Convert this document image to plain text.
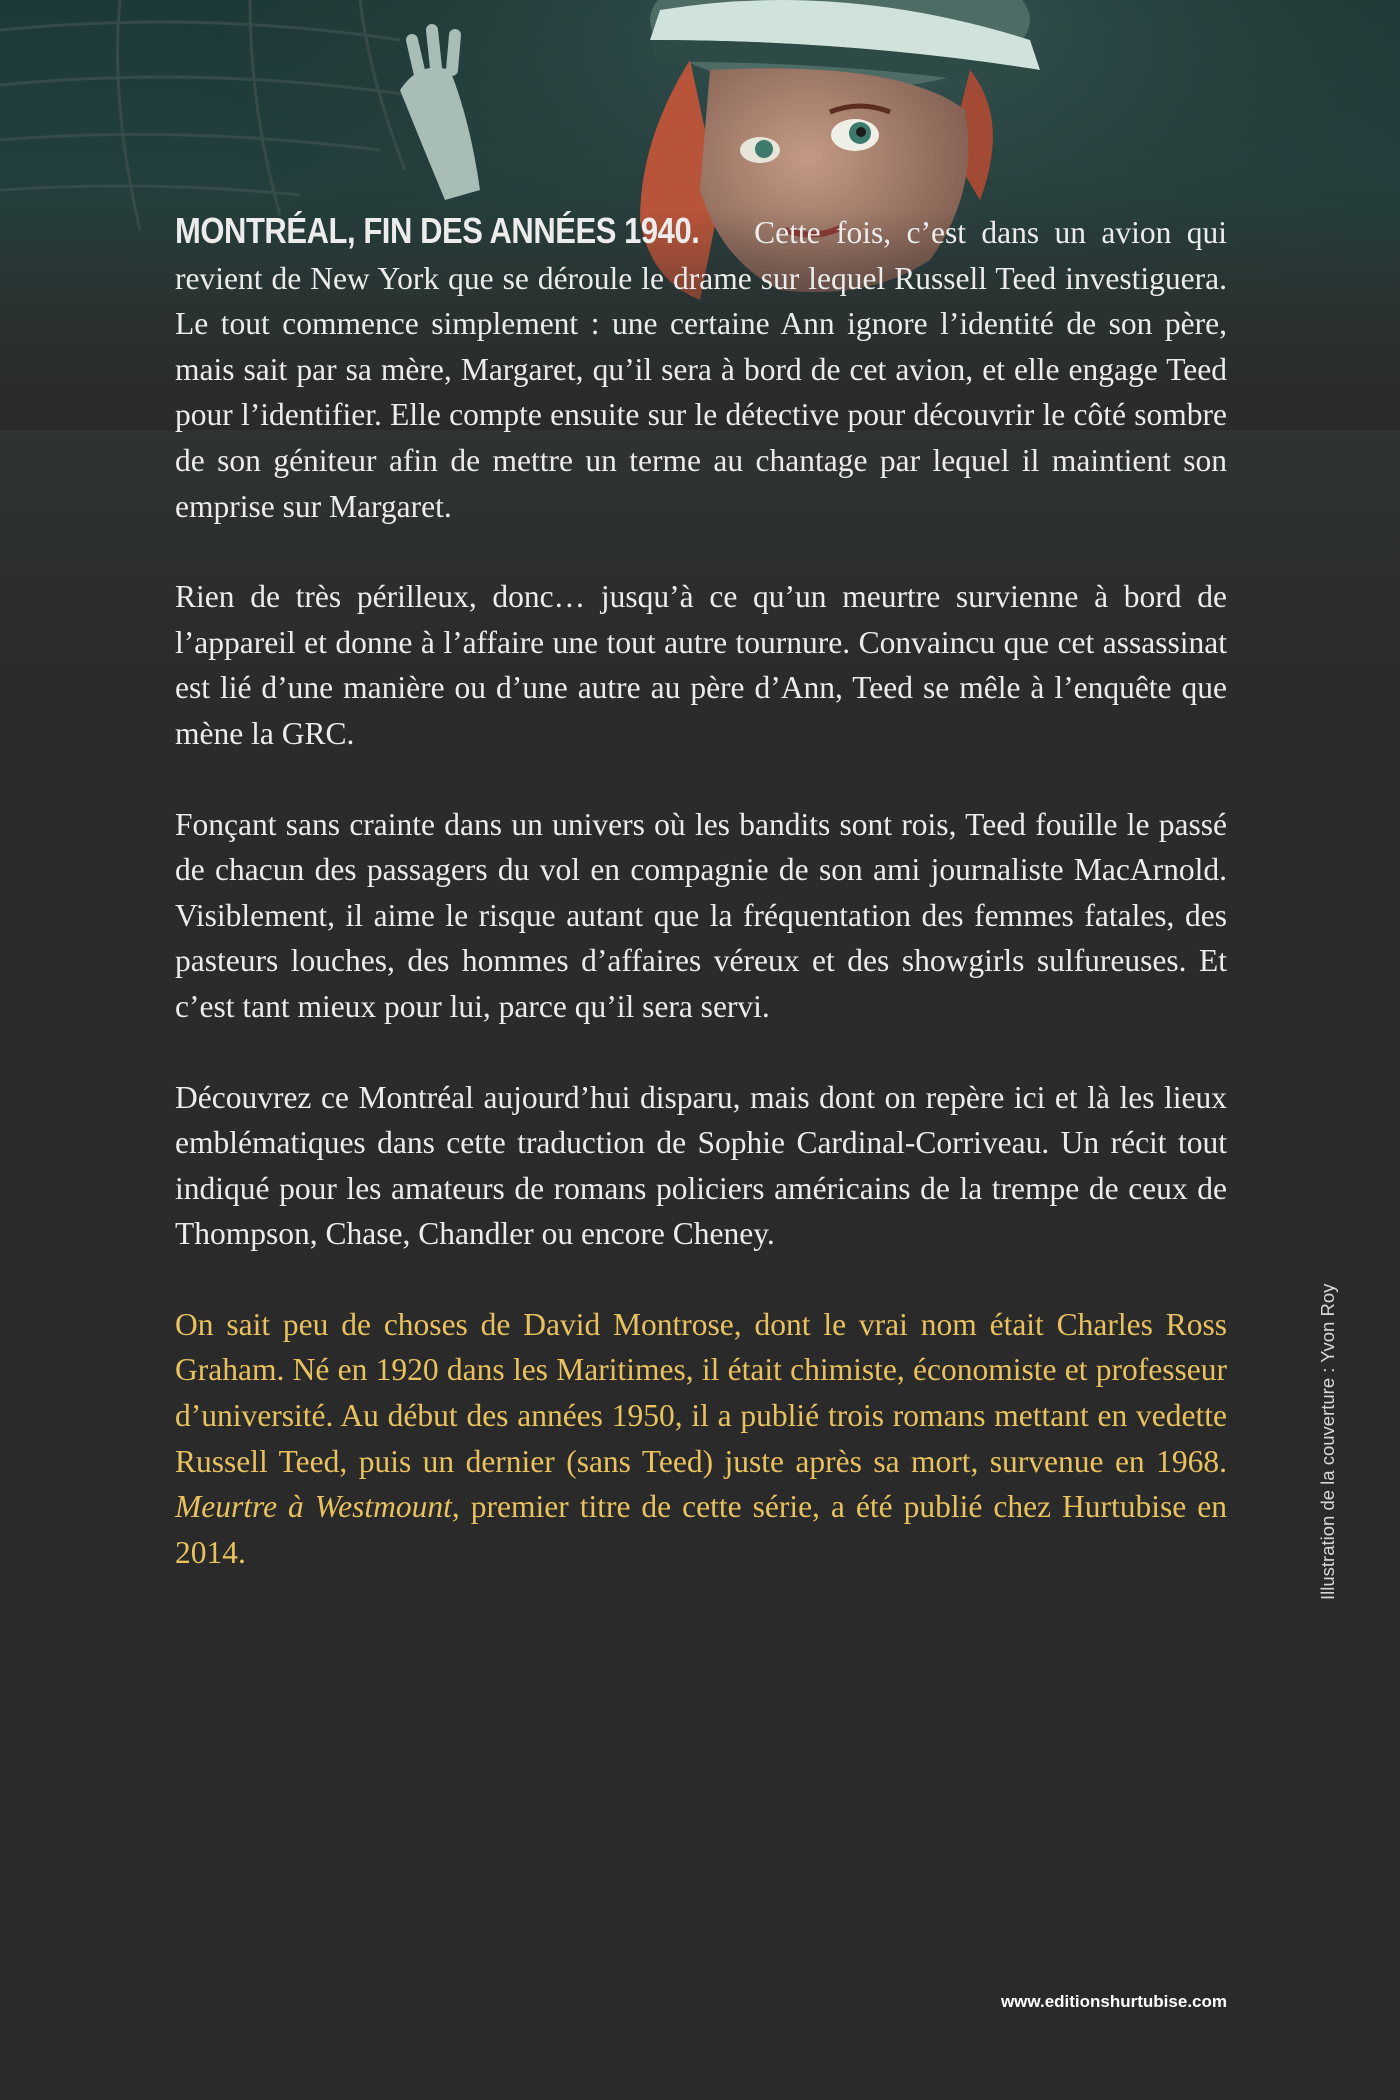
MONTRÉAL, FIN DES ANNÉES 1940. Cette fois, c’est dans un avion qui revient de New York que se déroule le drame sur lequel Russell Teed investiguera. Le tout commence simplement : une certaine Ann ignore l’identité de son père, mais sait par sa mère, Margaret, qu’il sera à bord de cet avion, et elle engage Teed pour l’identifier. Elle compte ensuite sur le détective pour découvrir le côté sombre de son géniteur afin de mettre un terme au chantage par lequel il maintient son emprise sur Margaret.

Rien de très périlleux, donc… jusqu’à ce qu’un meurtre survienne à bord de l’appareil et donne à l’affaire une tout autre tournure. Convaincu que cet assassinat est lié d’une manière ou d’une autre au père d’Ann, Teed se mêle à l’enquête que mène la GRC.

Fonçant sans crainte dans un univers où les bandits sont rois, Teed fouille le passé de chacun des passagers du vol en compagnie de son ami journaliste MacArnold. Visiblement, il aime le risque autant que la fréquentation des femmes fatales, des pasteurs louches, des hommes d’affaires véreux et des showgirls sulfureuses. Et c’est tant mieux pour lui, parce qu’il sera servi.

Découvrez ce Montréal aujourd’hui disparu, mais dont on repère ici et là les lieux emblématiques dans cette traduction de Sophie Cardinal-Corriveau. Un récit tout indiqué pour les amateurs de romans policiers américains de la trempe de ceux de Thompson, Chase, Chandler ou encore Cheney.

On sait peu de choses de David Montrose, dont le vrai nom était Charles Ross Graham. Né en 1920 dans les Maritimes, il était chimiste, économiste et professeur d’université. Au début des années 1950, il a publié trois romans mettant en vedette Russell Teed, puis un dernier (sans Teed) juste après sa mort, survenue en 1968. Meurtre à Westmount, premier titre de cette série, a été publié chez Hurtubise en 2014.	Illustration de la couverture : Yvon Roy
www.editionshurtubise.com
